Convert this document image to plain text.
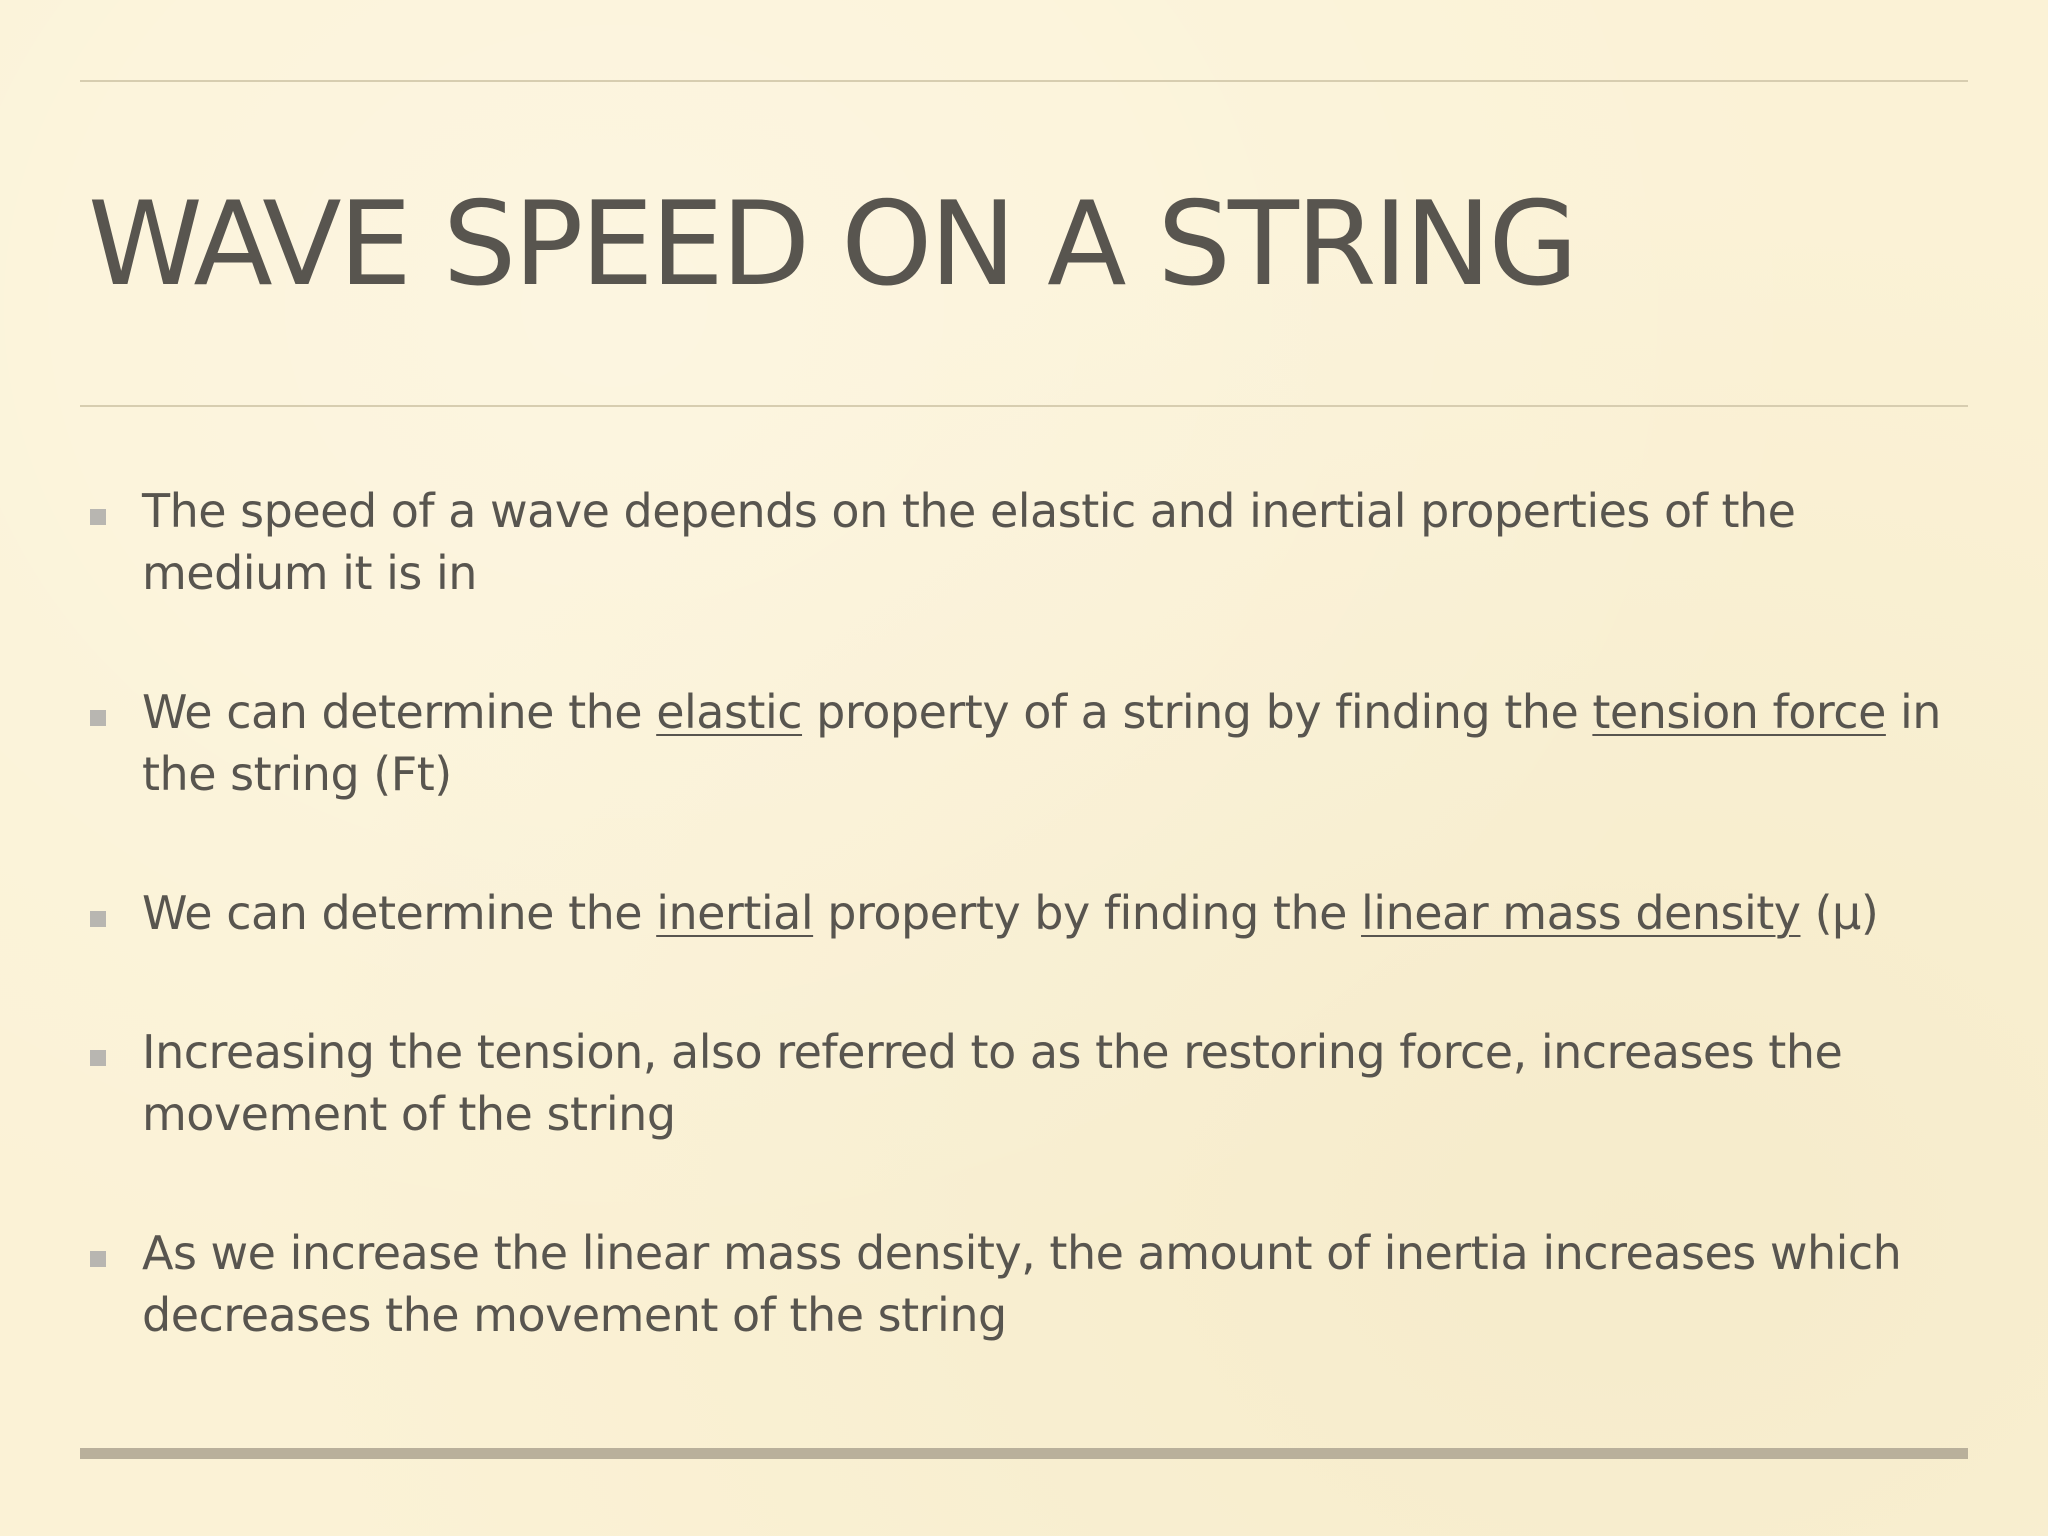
WAVE SPEED ON A STRING
The speed of a wave depends on the elastic and inertial properties of the medium it is in
We can determine the elastic property of a string by finding the tension force in the string (Ft)
We can determine the inertial property by finding the linear mass density (μ)
Increasing the tension, also referred to as the restoring force, increases the movement of the string
As we increase the linear mass density, the amount of inertia increases which decreases the movement of the string
